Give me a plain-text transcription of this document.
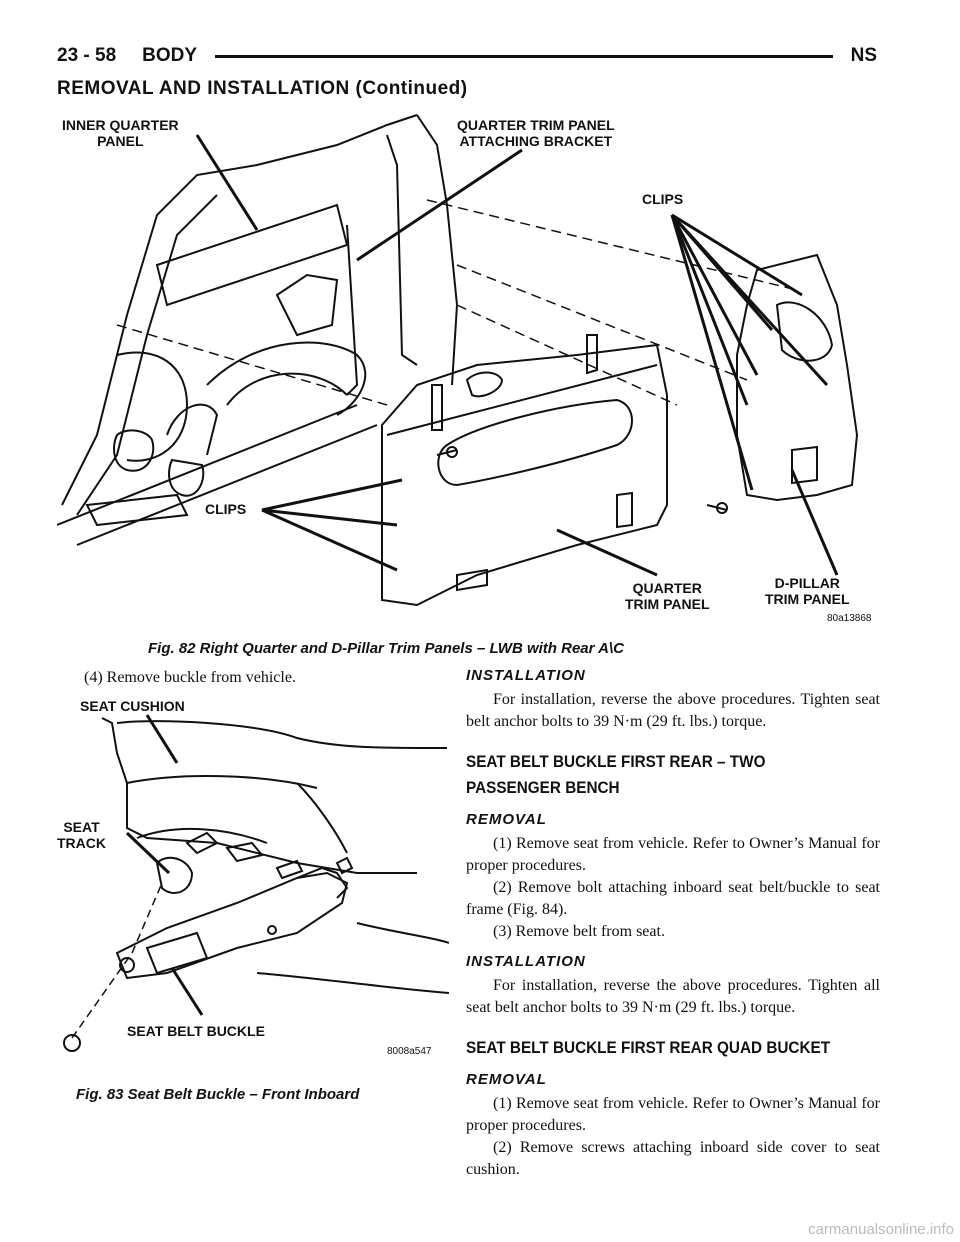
23 - 58 BODY	NS
REMOVAL AND INSTALLATION (Continued)
INNER QUARTER
PANEL
QUARTER TRIM PANEL
ATTACHING BRACKET
CLIPS
CLIPS
QUARTER
TRIM PANEL
D-PILLAR
TRIM PANEL
80a13868
Fig. 82 Right Quarter and D-Pillar Trim Panels – LWB with Rear A\C

(4) Remove buckle from vehicle.

SEAT CUSHION
SEAT
TRACK
SEAT BELT BUCKLE
8008a547
Fig. 83 Seat Belt Buckle – Front Inboard
INSTALLATION

For installation, reverse the above procedures. Tighten seat belt anchor bolts to 39 N·m (29 ft. lbs.) torque.

SEAT BELT BUCKLE FIRST REAR – TWO PASSENGER BENCH
REMOVAL

(1) Remove seat from vehicle. Refer to Owner’s Manual for proper procedures.

(2) Remove bolt attaching inboard seat belt/buckle to seat frame (Fig. 84).

(3) Remove belt from seat.

INSTALLATION

For installation, reverse the above procedures. Tighten all seat belt anchor bolts to 39 N·m (29 ft. lbs.) torque.

SEAT BELT BUCKLE FIRST REAR QUAD BUCKET
REMOVAL

(1) Remove seat from vehicle. Refer to Owner’s Manual for proper procedures.

(2) Remove screws attaching inboard side cover to seat cushion.

carmanualsonline.info
